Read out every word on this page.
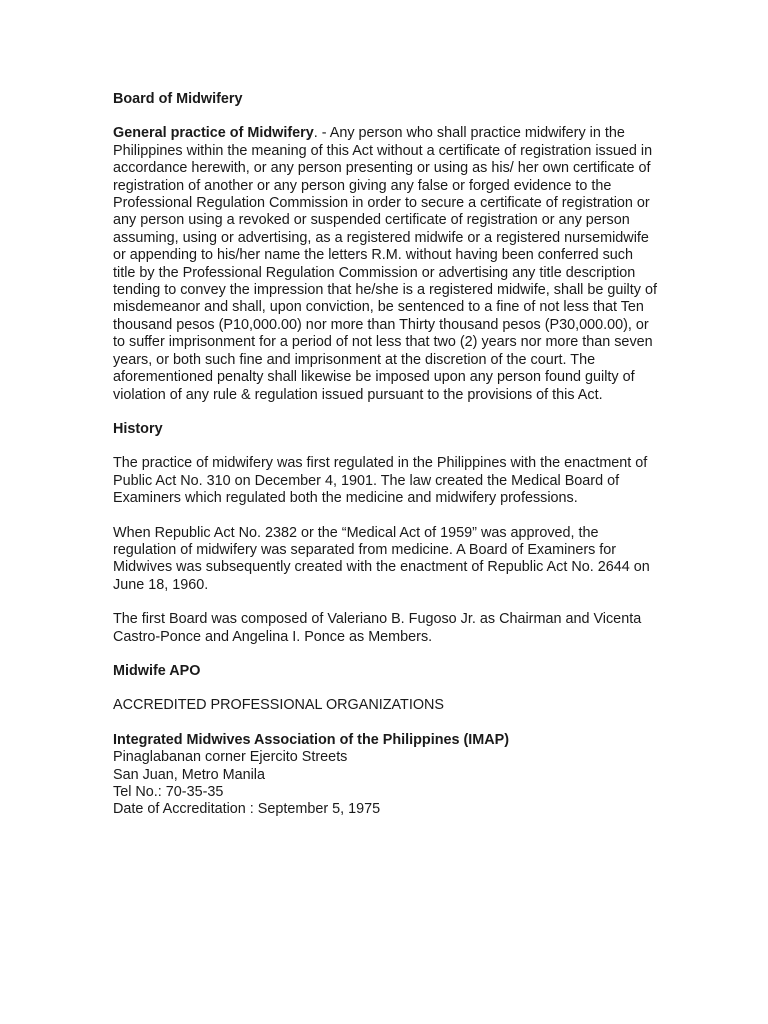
Board of Midwifery

General practice of Midwifery. - Any person who shall practice midwifery in the Philippines within the meaning of this Act without a certificate of registration issued in accordance herewith, or any person presenting or using as his/ her own certificate of registration of another or any person giving any false or forged evidence to the Professional Regulation Commission in order to secure a certificate of registration or any person using a revoked or suspended certificate of registration or any person assuming, using or advertising, as a registered midwife or a registered nursemidwife or appending to his/her name the letters R.M. without having been conferred such title by the Professional Regulation Commission or advertising any title description tending to convey the impression that he/she is a registered midwife, shall be guilty of misdemeanor and shall, upon conviction, be sentenced to a fine of not less that Ten thousand pesos (P10,000.00) nor more than Thirty thousand pesos (P30,000.00), or to suffer imprisonment for a period of not less that two (2) years nor more than seven years, or both such fine and imprisonment at the discretion of the court. The aforementioned penalty shall likewise be imposed upon any person found guilty of violation of any rule & regulation issued pursuant to the provisions of this Act.

History

The practice of midwifery was first regulated in the Philippines with the enactment of Public Act No. 310 on December 4, 1901. The law created the Medical Board of Examiners which regulated both the medicine and midwifery professions.

When Republic Act No. 2382 or the “Medical Act of 1959” was approved, the regulation of midwifery was separated from medicine. A Board of Examiners for Midwives was subsequently created with the enactment of Republic Act No. 2644 on June 18, 1960.

The first Board was composed of Valeriano B. Fugoso Jr. as Chairman and Vicenta Castro-Ponce and Angelina I. Ponce as Members.

Midwife APO

ACCREDITED PROFESSIONAL ORGANIZATIONS

Integrated Midwives Association of the Philippines (IMAP)

Pinaglabanan corner Ejercito Streets

San Juan, Metro Manila

Tel No.: 70-35-35

Date of Accreditation : September 5, 1975
